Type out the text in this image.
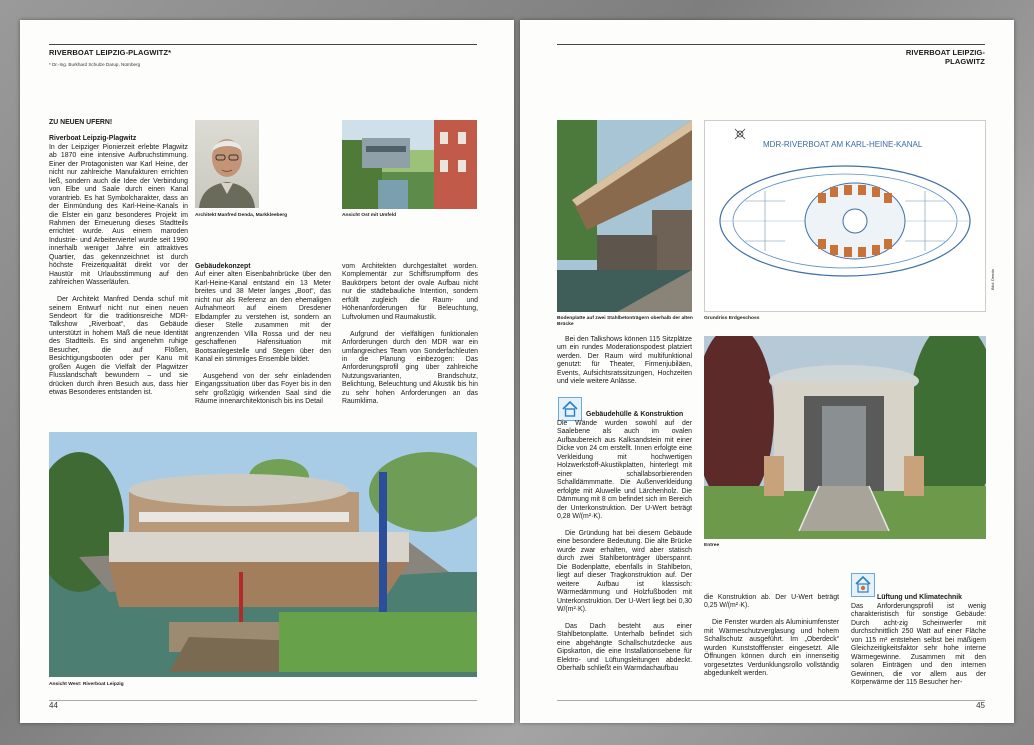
RIVERBOAT LEIPZIG-PLAGWITZ*
* Dr.-Ing. Burkhard Schulze Darup, Nürnberg
ZU NEUEN UFERN!
Riverboat Leipzig-Plagwitz

In der Leipziger Pionierzeit erlebte Plagwitz ab 1870 eine intensive Aufbruchstimmung. Einer der Protagonisten war Karl Heine, der nicht nur zahlreiche Manufakturen errichten ließ, sondern auch die Idee der Verbindung von Elbe und Saale durch einen Kanal vorantrieb. Es hat Symbolcharakter, dass an der Einmündung des Karl-Heine-Kanals in die Elster ein ganz besonderes Projekt im Rahmen der Erneuerung dieses Stadtteils errichtet wurde. Aus einem maroden Industrie- und Arbeiterviertel wurde seit 1990 innerhalb weniger Jahre ein attraktives Quartier, das gekennzeichnet ist durch höchste Freizeitqualität direkt vor der Haustür mit Urlaubsstimmung auf den zahlreichen Wasserläufen.

Der Architekt Manfred Denda schuf mit seinem Entwurf nicht nur einen neuen Sendeort für die traditionsreiche MDR-Talkshow „Riverboat“, das Gebäude unterstützt in hohem Maß die neue Identität des Stadtteils. Es sind angenehm ruhige Besucher, die auf Flößen, Besichtigungsbooten oder per Kanu mit großen Augen die Vielfalt der Plagwitzer Flusslandschaft bewundern – und sie drücken durch ihren Besuch aus, dass hier etwas Besonderes entstanden ist.

Architekt Manfred Denda, Markkleeberg	Ansicht Ost mit Umfeld
Gebäudekonzept

Auf einer alten Eisenbahnbrücke über den Karl-Heine-Kanal entstand ein 13 Meter breites und 38 Meter langes „Boot“, das nicht nur als Referenz an den ehemaligen Aufnahmeort auf einem Dresdener Elbdampfer zu verstehen ist, sondern an dieser Stelle zusammen mit der angrenzenden Villa Rossa und der neu geschaffenen Hafensituation mit Bootsanlegestelle und Stegen über den Kanal ein stimmiges Ensemble bildet.

Ausgehend von der sehr einladenden Eingangssituation über das Foyer bis in den sehr großzügig wirkenden Saal sind die Räume innenarchitektonisch bis ins Detail

vom Architekten durchgestaltet worden. Komplementär zur Schiffsrumpfform des Baukörpers betont der ovale Aufbau nicht nur die städtebauliche Intention, sondern erfüllt zugleich die Raum- und Höhenanforderungen für Beleuchtung, Luftvolumen und Raumakustik.

Aufgrund der vielfältigen funktionalen Anforderungen durch den MDR war ein umfangreiches Team von Sonderfachleuten in die Planung einbezogen: Das Anforderungsprofil ging über zahlreiche Nutzungsvarianten, Brandschutz, Belichtung, Beleuchtung und Akustik bis hin zu sehr hohen Anforderungen an das Raumklima.

Ansicht West: Riverboat Leipzig
44
RIVERBOAT LEIPZIG-PLAGWITZ
Bodenplatte auf zwei Stahlbetonträgern oberhalb der alten Brücke
MDR-RIVERBOAT AM KARL-HEINE-KANAL
Grundriss Erdgeschoss
Bild: Denda
Entree

Bei den Talkshows können 115 Sitzplätze um ein rundes Moderationspodest platziert werden. Der Raum wird multifunktional genutzt: für Theater, Firmenjubiläen, Events, Aufsichtsratssitzungen, Hochzeiten und viele weitere Anlässe.

Gebäudehülle & Konstruktion

Die Wände wurden sowohl auf der Saalebene als auch im ovalen Aufbaubereich aus Kalksandstein mit einer Dicke von 24 cm erstellt. Innen erfolgte eine Verkleidung mit hochwertigen Holzwerkstoff-Akustikplatten, hinterlegt mit einer schallabsorbierenden Schalldämmmatte. Die Außenverkleidung erfolgte mit Aluwelle und Lärchenholz. Die Dämmung mit 8 cm befindet sich im Bereich der Unterkonstruktion. Der U-Wert beträgt 0,28 W/(m²·K).

Die Gründung hat bei diesem Gebäude eine besondere Bedeutung. Die alte Brücke wurde zwar erhalten, wird aber statisch durch zwei Stahlbetonträger überspannt. Die Bodenplatte, ebenfalls in Stahlbeton, liegt auf dieser Tragkonstruktion auf. Der weitere Aufbau ist klassisch: Wärmedämmung und Holzfußboden mit Unterkonstruktion. Der U-Wert liegt bei 0,30 W/(m²·K).

Das Dach besteht aus einer Stahlbetonplatte. Unterhalb befindet sich eine abgehängte Schallschutzdecke aus Gipskarton, die eine Installationsebene für Elektro- und Lüftungsleitungen abdeckt. Oberhalb schließt ein Warmdachaufbau

die Konstruktion ab. Der U-Wert beträgt 0,25 W/(m²·K).

Die Fenster wurden als Aluminiumfenster mit Wärmeschutzverglasung und hohem Schallschutz ausgeführt. Im „Oberdeck“ wurden Kunststofffenster eingesetzt. Alle Öffnungen können durch ein innenseitig vorgesetztes Verdunklungsrollo vollständig abgedunkelt werden.

Lüftung und Klimatechnik

Das Anforderungsprofil ist wenig charakteristisch für sonstige Gebäude: Durch acht-zig Scheinwerfer mit durchschnittlich 250 Watt auf einer Fläche von 115 m² entstehen selbst bei mäßigem Gleichzeitigkeitsfaktor sehr hohe interne Wärmegewinne. Zusammen mit den solaren Einträgen und den internen Gewinnen, die vor allem aus der Körperwärme der 115 Besucher her-

45
